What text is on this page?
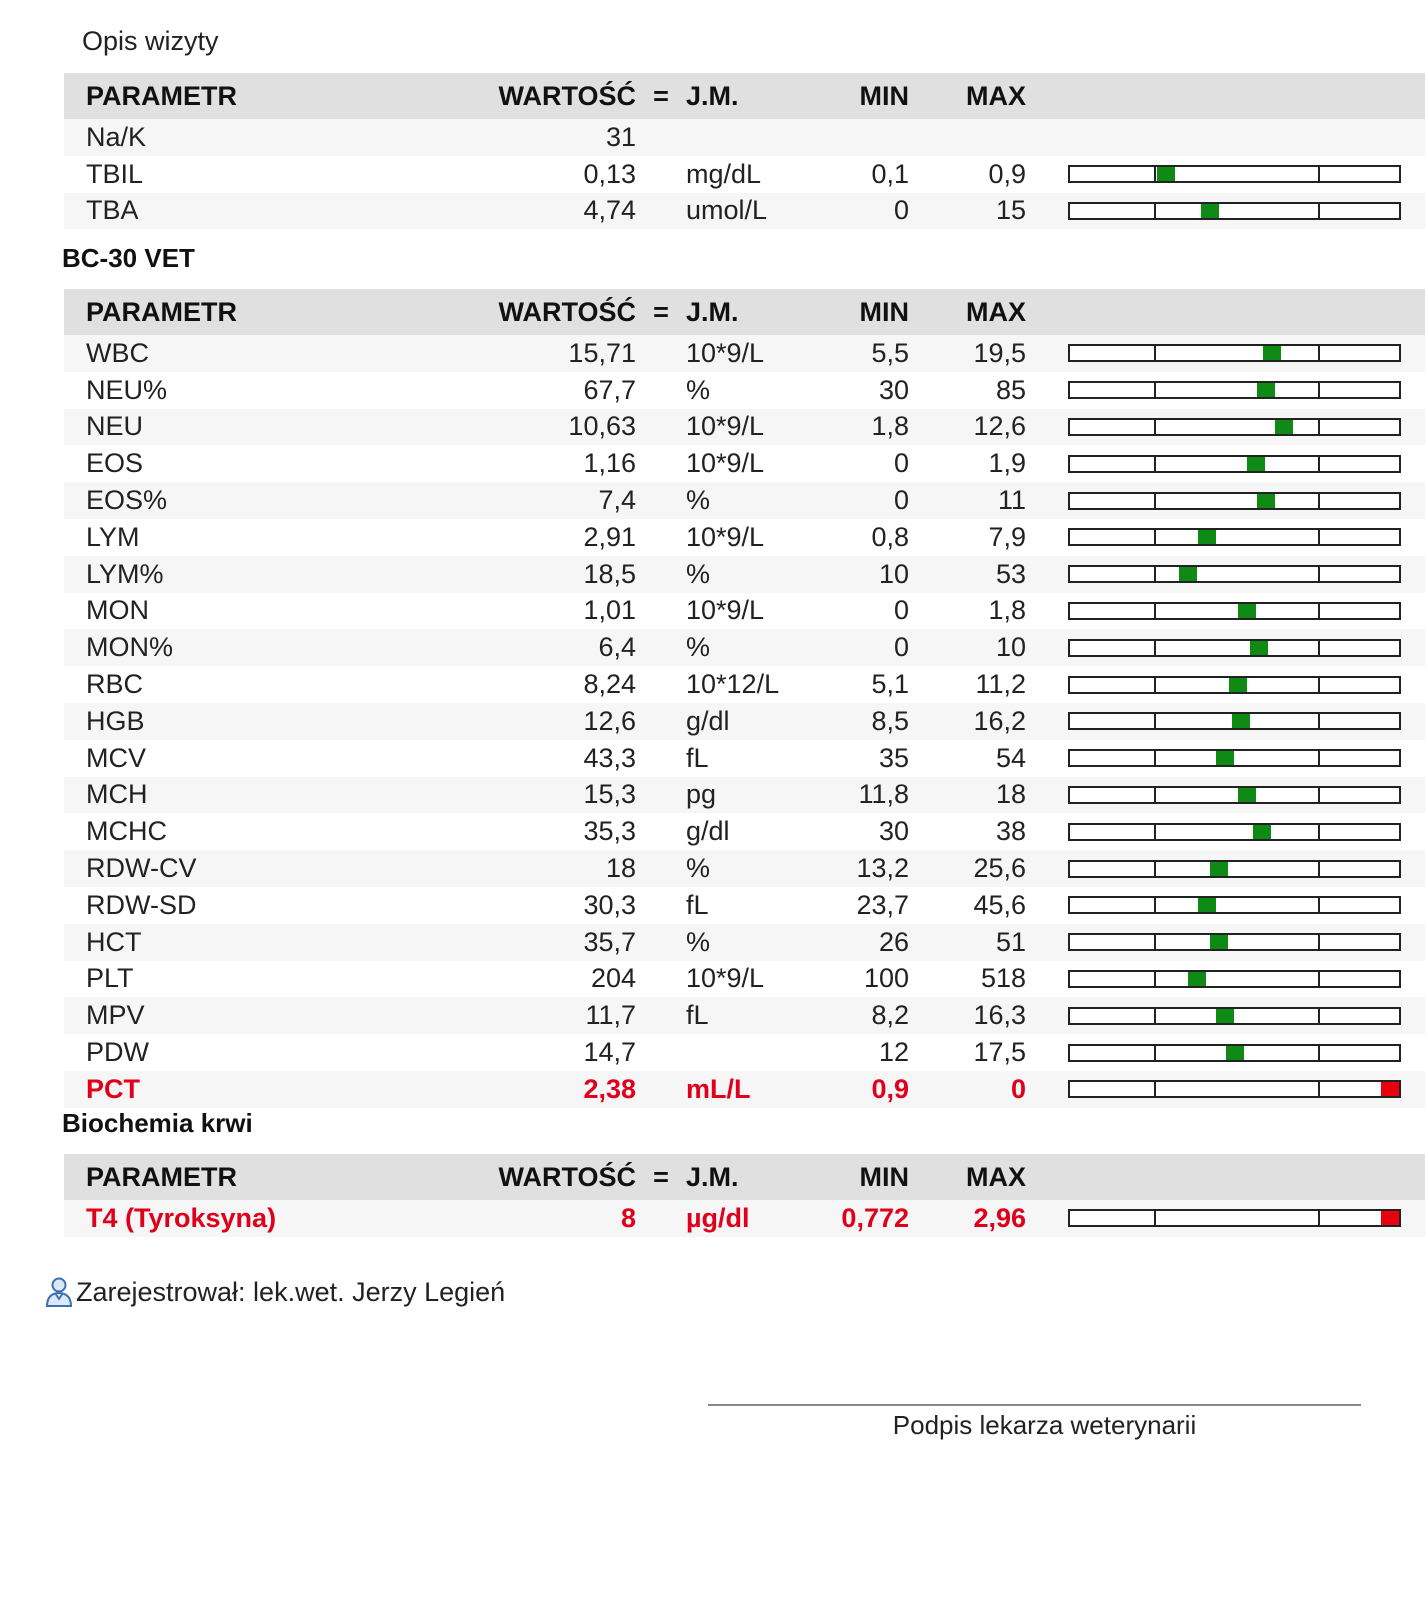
Opis wizyty
PARAMETR	WARTOŚĆ	=	J.M.	MIN	MAX	
Na/K	31					
TBIL	0,13		mg/dL	0,1	0,9	

TBA	4,74		umol/L	0	15	
BC-30 VET
PARAMETR	WARTOŚĆ	=	J.M.	MIN	MAX	
WBC	15,71		10*9/L	5,5	19,5	

NEU%	67,7		%	30	85	

NEU	10,63		10*9/L	1,8	12,6	

EOS	1,16		10*9/L	0	1,9	

EOS%	7,4		%	0	11	

LYM	2,91		10*9/L	0,8	7,9	

LYM%	18,5		%	10	53	

MON	1,01		10*9/L	0	1,8	

MON%	6,4		%	0	10	

RBC	8,24		10*12/L	5,1	11,2	

HGB	12,6		g/dl	8,5	16,2	

MCV	43,3		fL	35	54	

MCH	15,3		pg	11,8	18	

MCHC	35,3		g/dl	30	38	

RDW-CV	18		%	13,2	25,6	

RDW-SD	30,3		fL	23,7	45,6	

HCT	35,7		%	26	51	

PLT	204		10*9/L	100	518	

MPV	11,7		fL	8,2	16,3	

PDW	14,7			12	17,5	

PCT	2,38		mL/L	0,9	0	
Biochemia krwi
PARAMETR	WARTOŚĆ	=	J.M.	MIN	MAX	
T4 (Tyroksyna)	8		µg/dl	0,772	2,96	
Zarejestrował: lek.wet. Jerzy Legień
Podpis lekarza weterynarii
